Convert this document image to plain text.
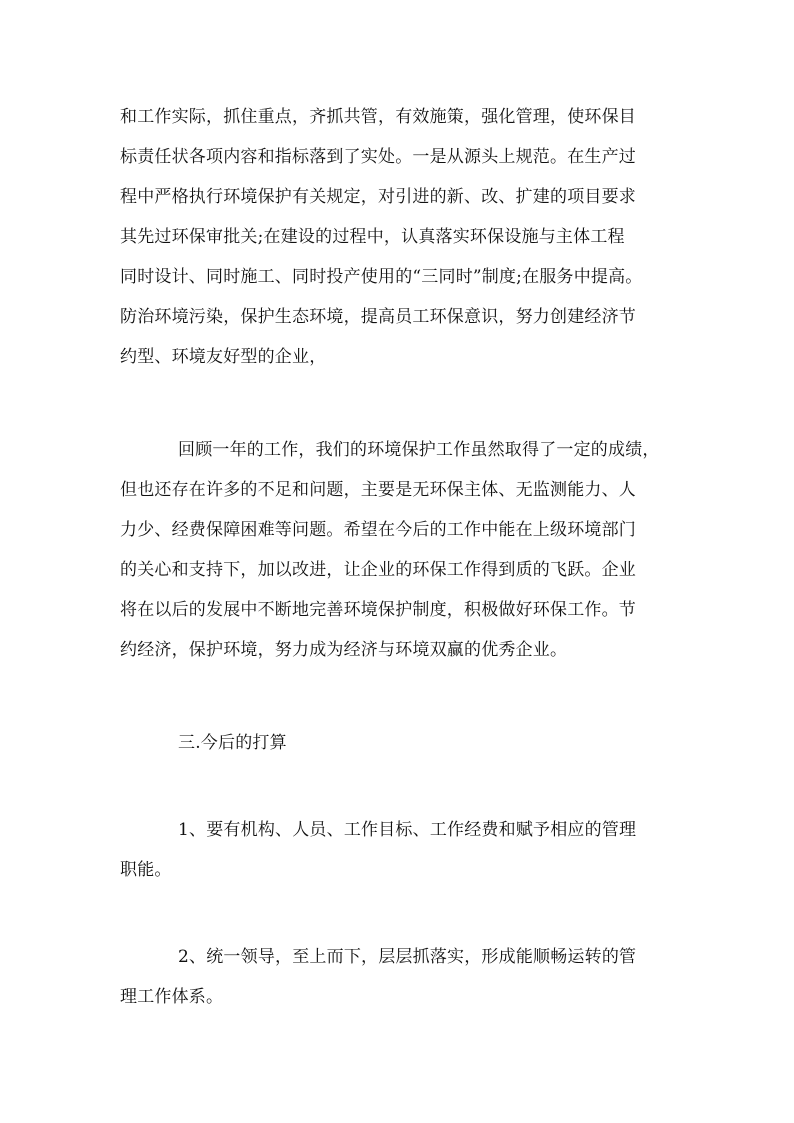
和工作实际，抓住重点，齐抓共管，有效施策，强化管理，使环保目
标责任状各项内容和指标落到了实处。一是从源头上规范。在生产过
程中严格执行环境保护有关规定，对引进的新、改、扩建的项目要求
其先过环保审批关;在建设的过程中，认真落实环保设施与主体工程
同时设计、同时施工、同时投产使用的“三同时”制度;在服务中提高。
防治环境污染，保护生态环境，提高员工环保意识，努力创建经济节
约型、环境友好型的企业，
回顾一年的工作，我们的环境保护工作虽然取得了一定的成绩，
但也还存在许多的不足和问题，主要是无环保主体、无监测能力、人
力少、经费保障困难等问题。希望在今后的工作中能在上级环境部门
的关心和支持下，加以改进，让企业的环保工作得到质的飞跃。企业
将在以后的发展中不断地完善环境保护制度，积极做好环保工作。节
约经济，保护环境，努力成为经济与环境双赢的优秀企业。
三.今后的打算
1、要有机构、人员、工作目标、工作经费和赋予相应的管理
职能。
2、统一领导，至上而下，层层抓落实，形成能顺畅运转的管
理工作体系。
